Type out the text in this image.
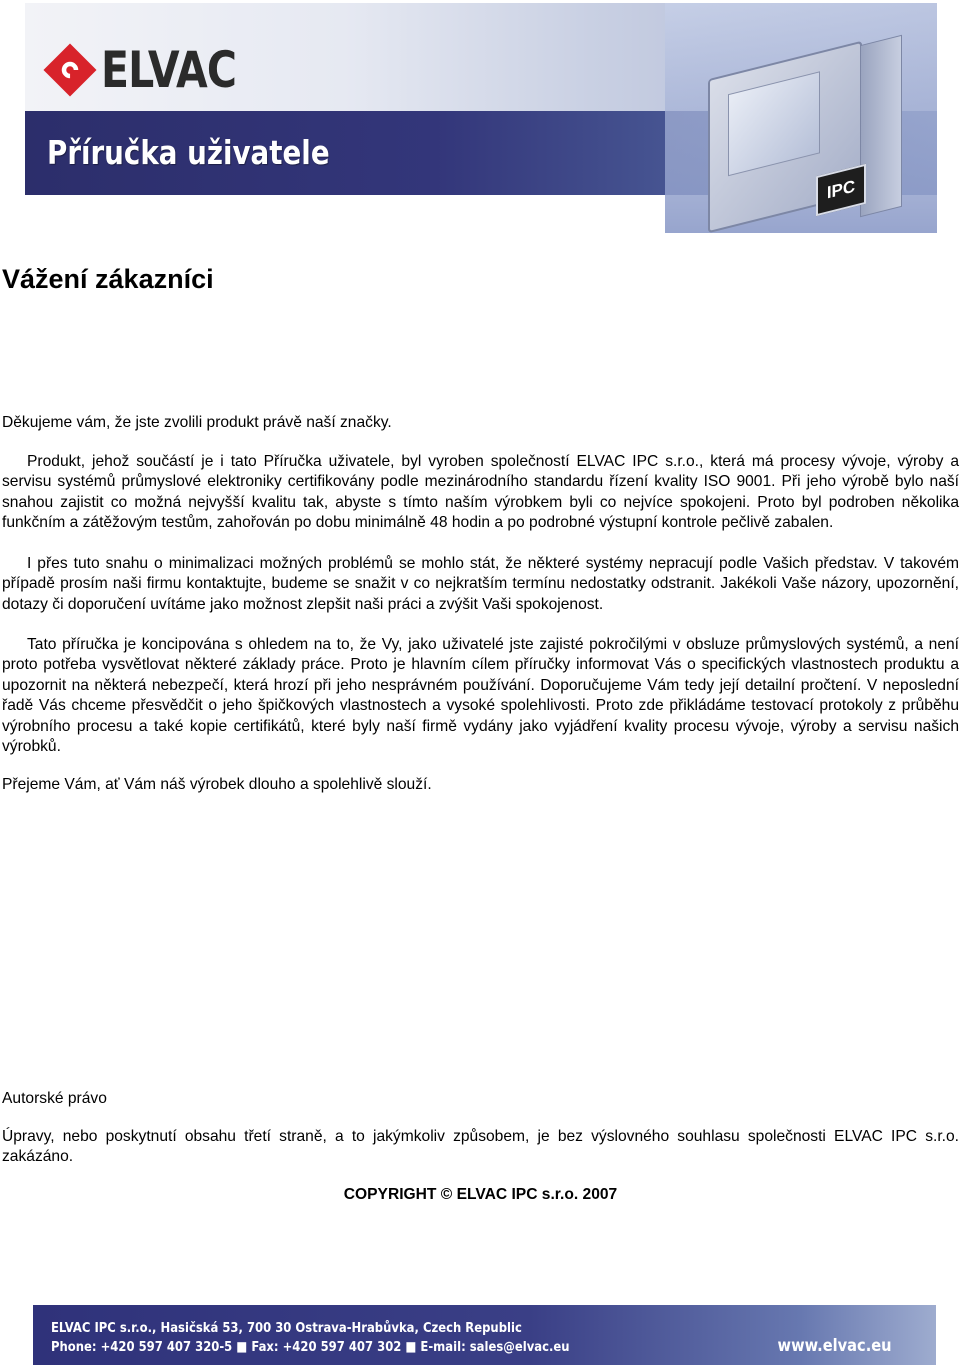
ELVAC
Příručka uživatele
IPC
Vážení zákazníci

Děkujeme vám, že jste zvolili produkt právě naší značky.

Produkt, jehož součástí je i tato Příručka uživatele, byl vyroben společností ELVAC IPC s.r.o., která má procesy vývoje, výroby a servisu systémů průmyslové elektroniky certifikovány podle mezinárodního standardu řízení kvality ISO 9001. Při jeho výrobě bylo naší snahou zajistit co možná nejvyšší kvalitu tak, abyste s tímto naším výrobkem byli co nejvíce spokojeni. Proto byl podroben několika funkčním a zátěžovým testům, zahořován po dobu minimálně 48 hodin a po podrobné výstupní kontrole pečlivě zabalen.

I přes tuto snahu o minimalizaci možných problémů se mohlo stát, že některé systémy nepracují podle Vašich představ. V takovém případě prosím naši firmu kontaktujte, budeme se snažit v co nejkratším termínu nedostatky odstranit. Jakékoli Vaše názory, upozornění, dotazy či doporučení uvítáme jako možnost zlepšit naši práci a zvýšit Vaši spokojenost.

Tato příručka je koncipována s ohledem na to, že Vy, jako uživatelé jste zajisté pokročilými v obsluze průmyslových systémů, a není proto potřeba vysvětlovat některé základy práce. Proto je hlavním cílem příručky informovat Vás o specifických vlastnostech produktu a upozornit na některá nebezpečí, která hrozí při jeho nesprávném používání. Doporučujeme Vám tedy její detailní pročtení. V neposlední řadě Vás chceme přesvědčit o jeho špičkových vlastnostech a vysoké spolehlivosti. Proto zde přikládáme testovací protokoly z průběhu výrobního procesu a také kopie certifikátů, které byly naší firmě vydány jako vyjádření kvality procesu vývoje, výroby a servisu našich výrobků.

Přejeme Vám, ať Vám náš výrobek dlouho a spolehlivě slouží.

Autorské právo

Úpravy, nebo poskytnutí obsahu třetí straně, a to jakýmkoliv způsobem, je bez výslovného souhlasu společnosti ELVAC IPC s.r.o. zakázáno.

COPYRIGHT © ELVAC IPC s.r.o. 2007

ELVAC IPC s.r.o., Hasičská 53, 700 30 Ostrava-Hrabůvka, Czech Republic
Phone: +420 597 407 320-5 ■ Fax: +420 597 407 302 ■ E-mail: sales@elvac.eu	www.elvac.eu
